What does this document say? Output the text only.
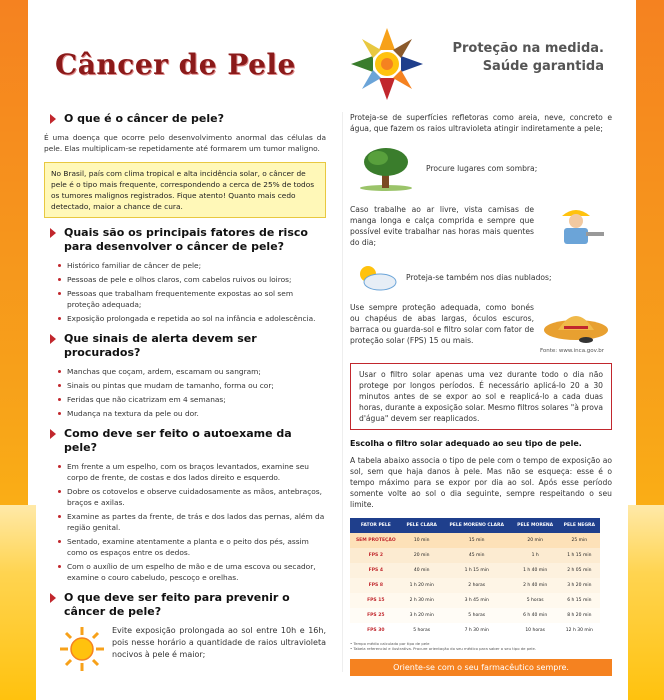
Câncer de Pele	Proteção na medida.
Saúde garantida
O que é o câncer de pele?

É uma doença que ocorre pelo desenvolvimento anormal das células da pele. Elas multiplicam-se repetidamente até formarem um tumor maligno.

No Brasil, país com clima tropical e alta incidência solar, o câncer de pele é o tipo mais frequente, correspondendo a cerca de 25% de todos os tumores malignos registrados. Fique atento! Quanto mais cedo detectado, maior a chance de cura.

Quais são os principais fatores de risco para desenvolver o câncer de pele?
Histórico familiar de câncer de pele;
Pessoas de pele e olhos claros, com cabelos ruivos ou loiros;
Pessoas que trabalham frequentemente expostas ao sol sem proteção adequada;
Exposição prolongada e repetida ao sol na infância e adolescência.
Que sinais de alerta devem ser procurados?
Manchas que coçam, ardem, escamam ou sangram;
Sinais ou pintas que mudam de tamanho, forma ou cor;
Feridas que não cicatrizam em 4 semanas;
Mudança na textura da pele ou dor.
Como deve ser feito o autoexame da pele?
Em frente a um espelho, com os braços levantados, examine seu corpo de frente, de costas e dos lados direito e esquerdo.
Dobre os cotovelos e observe cuidadosamente as mãos, antebraços, braços e axilas.
Examine as partes da frente, de trás e dos lados das pernas, além da região genital.
Sentado, examine atentamente a planta e o peito dos pés, assim como os espaços entre os dedos.
Com o auxílio de um espelho de mão e de uma escova ou secador, examine o couro cabeludo, pescoço e orelhas.
O que deve ser feito para prevenir o câncer de pele?

Evite exposição prolongada ao sol entre 10h e 16h, pois nesse horário a quantidade de raios ultravioleta nocivos à pele é maior;

Proteja-se de superfícies refletoras como areia, neve, concreto e água, que fazem os raios ultravioleta atingir indiretamente a pele;

Procure lugares com sombra;
Caso trabalhe ao ar livre, vista camisas de manga longa e calça comprida e sempre que possível evite trabalhar nas horas mais quentes do dia;
Proteja-se também nos dias nublados;
Use sempre proteção adequada, como bonés ou chapéus de abas largas, óculos escuros, barraca ou guarda-sol e filtro solar com fator de proteção solar (FPS) 15 ou mais.
Fonte: www.inca.gov.br

Usar o filtro solar apenas uma vez durante todo o dia não protege por longos períodos. É necessário aplicá-lo 20 a 30 minutos antes de se expor ao sol e reaplicá-lo a cada duas horas, durante a exposição solar. Mesmo filtros solares "à prova d'água" devem ser reaplicados.

Escolha o filtro solar adequado ao seu tipo de pele.

A tabela abaixo associa o tipo de pele com o tempo de exposição ao sol, sem que haja danos à pele. Mas não se esqueça: esse é o tempo máximo para se expor por dia ao sol. Após esse período somente volte ao sol o dia seguinte, sempre respeitando o seu limite.

FATOR PELE	PELE CLARA	PELE MORENO CLARA	PELE MORENA	PELE NEGRA
SEM PROTEÇÃO	10 min	15 min	20 min	25 min
FPS 2	20 min	45 min	1 h	1 h 15 min
FPS 4	40 min	1 h 15 min	1 h 40 min	2 h 05 min
FPS 8	1 h 20 min	2 horas	2 h 40 min	3 h 20 min
FPS 15	2 h 30 min	3 h 45 min	5 horas	6 h 15 min
FPS 25	3 h 20 min	5 horas	6 h 40 min	8 h 20 min
FPS 30	5 horas	7 h 30 min	10 horas	12 h 30 min
• Tempo médio calculado por tipo de pele
• Tabela referencial e ilustrativa. Procure orientação do seu médico para saber o seu tipo de pele.
Oriente-se com o seu farmacêutico sempre.
